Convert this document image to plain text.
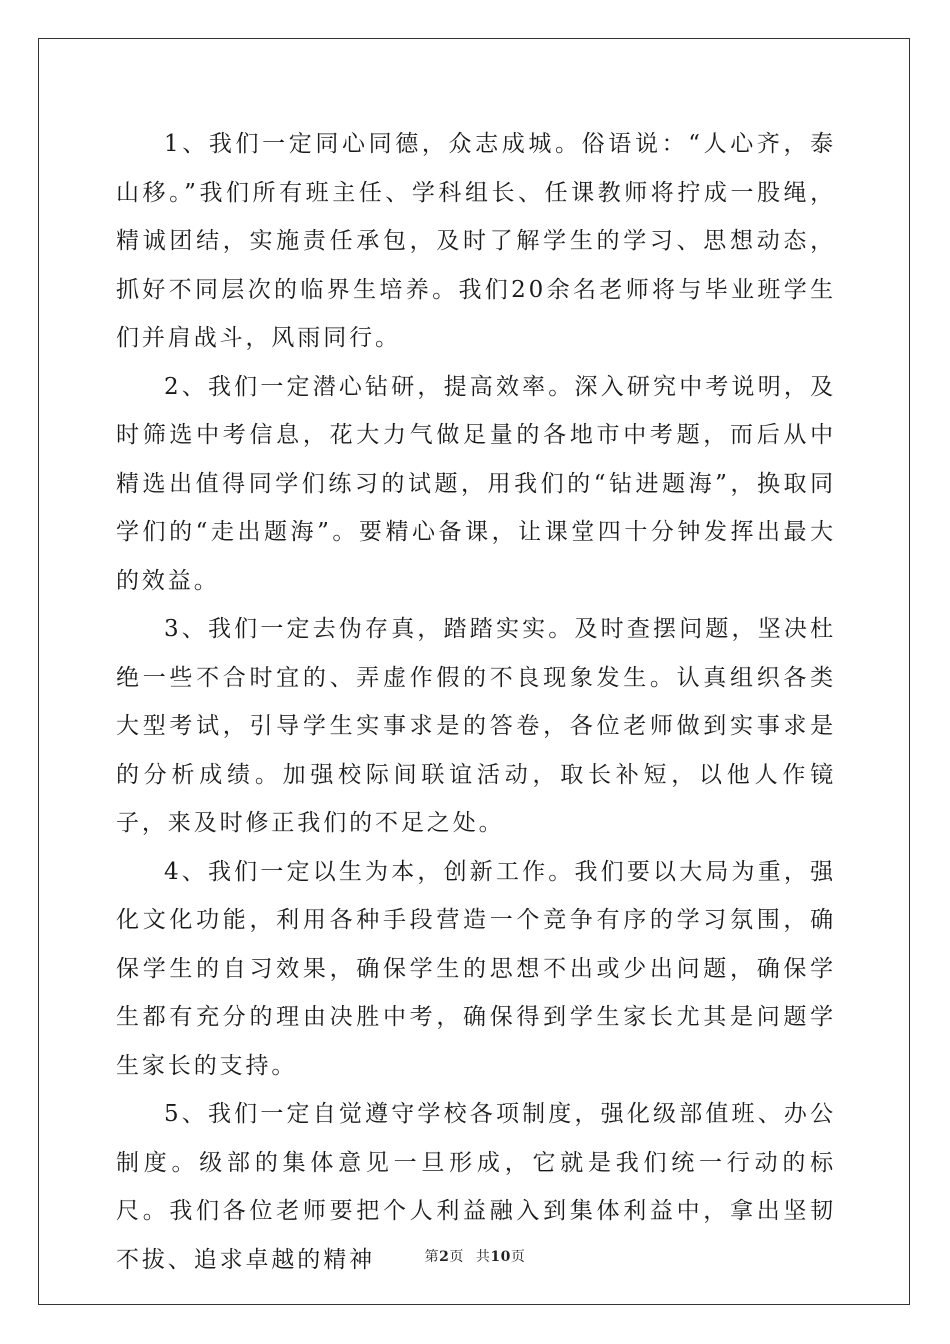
1、我们一定同心同德，众志成城。俗语说：“人心齐，泰山移。”我们所有班主任、学科组长、任课教师将拧成一股绳，精诚团结，实施责任承包，及时了解学生的学习、思想动态，抓好不同层次的临界生培养。我们20余名老师将与毕业班学生们并肩战斗，风雨同行。

2、我们一定潜心钻研，提高效率。深入研究中考说明，及时筛选中考信息，花大力气做足量的各地市中考题，而后从中精选出值得同学们练习的试题，用我们的“钻进题海”，换取同学们的“走出题海”。要精心备课，让课堂四十分钟发挥出最大的效益。

3、我们一定去伪存真，踏踏实实。及时查摆问题，坚决杜绝一些不合时宜的、弄虚作假的不良现象发生。认真组织各类大型考试，引导学生实事求是的答卷，各位老师做到实事求是的分析成绩。加强校际间联谊活动，取长补短，以他人作镜子，来及时修正我们的不足之处。

4、我们一定以生为本，创新工作。我们要以大局为重，强化文化功能，利用各种手段营造一个竞争有序的学习氛围，确保学生的自习效果，确保学生的思想不出或少出问题，确保学生都有充分的理由决胜中考，确保得到学生家长尤其是问题学生家长的支持。

5、我们一定自觉遵守学校各项制度，强化级部值班、办公制度。级部的集体意见一旦形成，它就是我们统一行动的标尺。我们各位老师要把个人利益融入到集体利益中，拿出坚韧不拔、追求卓越的精神	第2页 共10页
